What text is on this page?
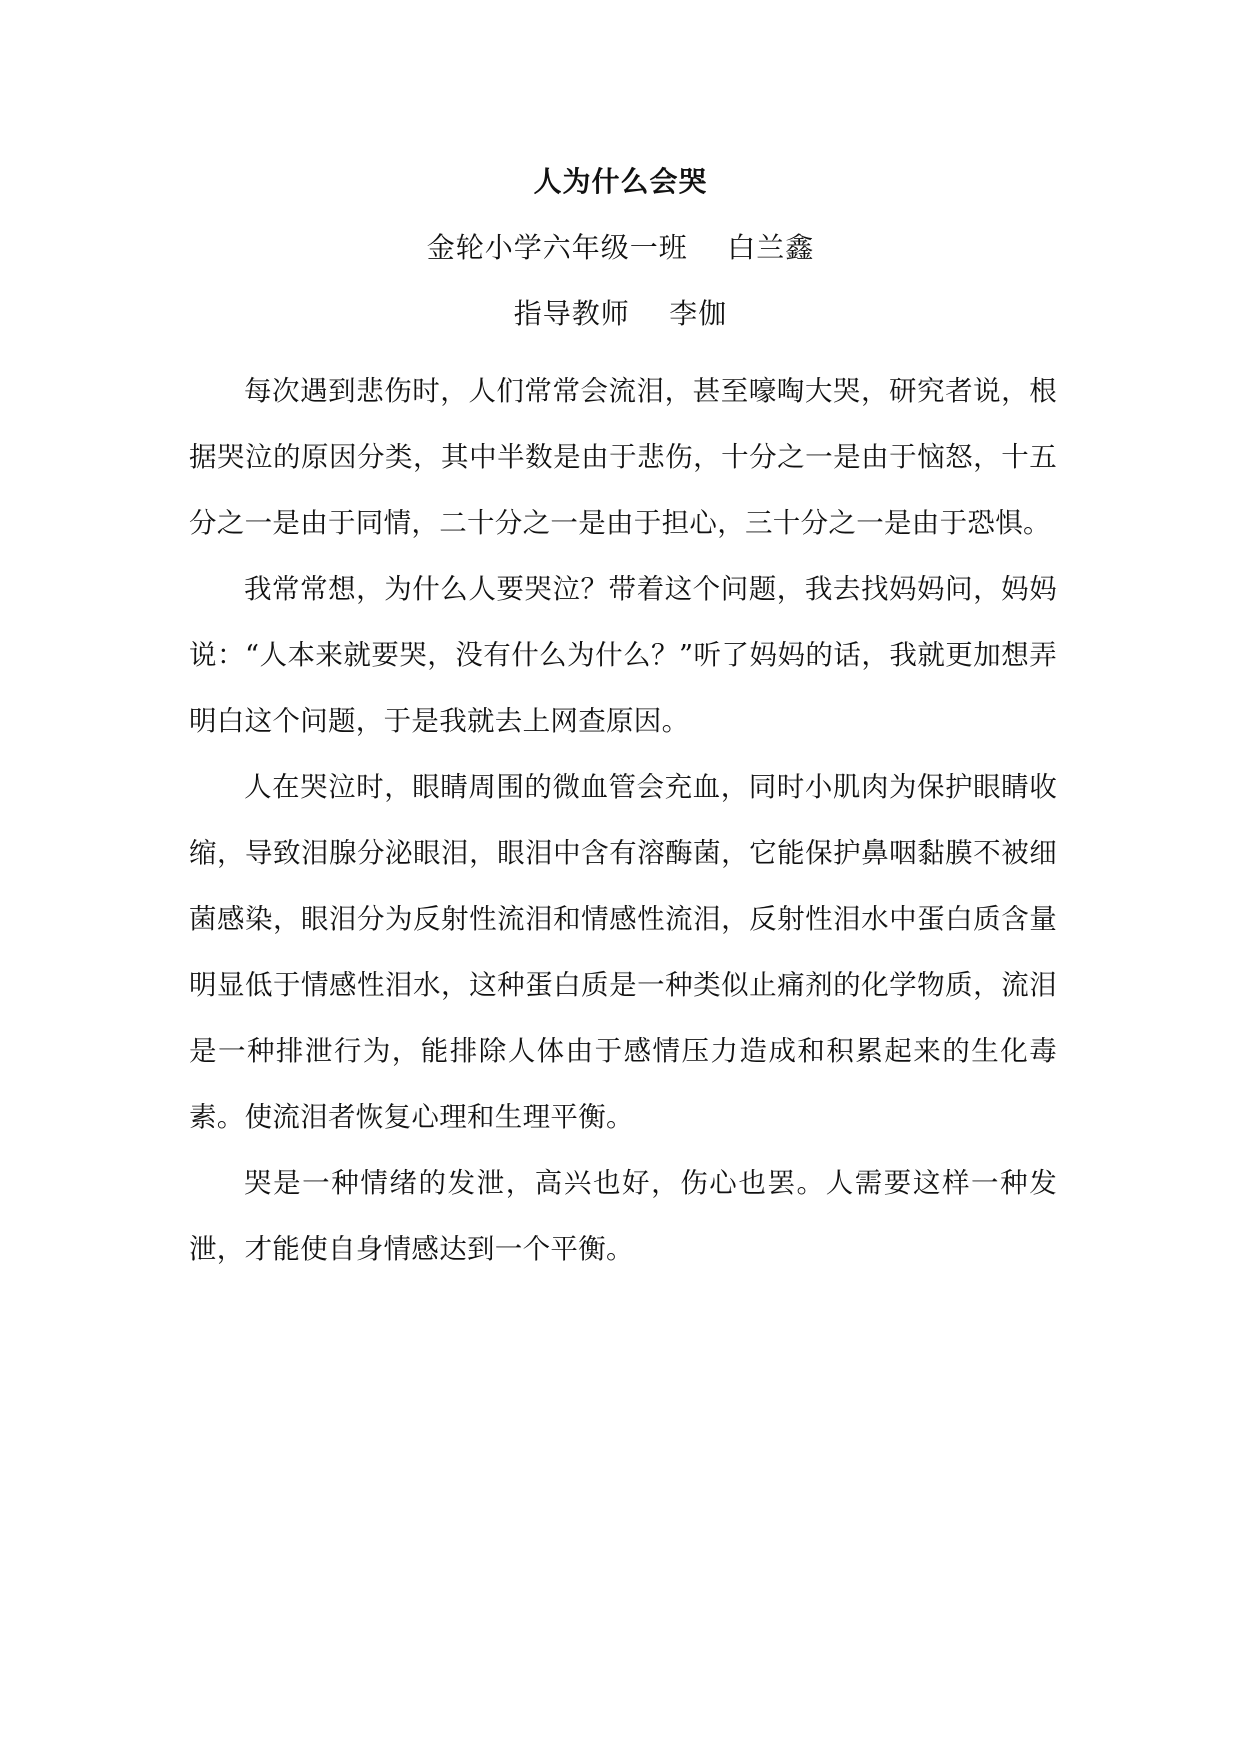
人为什么会哭
金轮小学六年级一班    白兰鑫
指导教师    李伽

每次遇到悲伤时，人们常常会流泪，甚至嚎啕大哭，研究者说，根据哭泣的原因分类，其中半数是由于悲伤，十分之一是由于恼怒，十五分之一是由于同情，二十分之一是由于担心，三十分之一是由于恐惧。

我常常想，为什么人要哭泣？带着这个问题，我去找妈妈问，妈妈说：“人本来就要哭，没有什么为什么？”听了妈妈的话，我就更加想弄明白这个问题，于是我就去上网查原因。

人在哭泣时，眼睛周围的微血管会充血，同时小肌肉为保护眼睛收缩，导致泪腺分泌眼泪，眼泪中含有溶酶菌，它能保护鼻咽黏膜不被细菌感染，眼泪分为反射性流泪和情感性流泪，反射性泪水中蛋白质含量明显低于情感性泪水，这种蛋白质是一种类似止痛剂的化学物质，流泪是一种排泄行为，能排除人体由于感情压力造成和积累起来的生化毒素。使流泪者恢复心理和生理平衡。

哭是一种情绪的发泄，高兴也好，伤心也罢。人需要这样一种发泄，才能使自身情感达到一个平衡。
